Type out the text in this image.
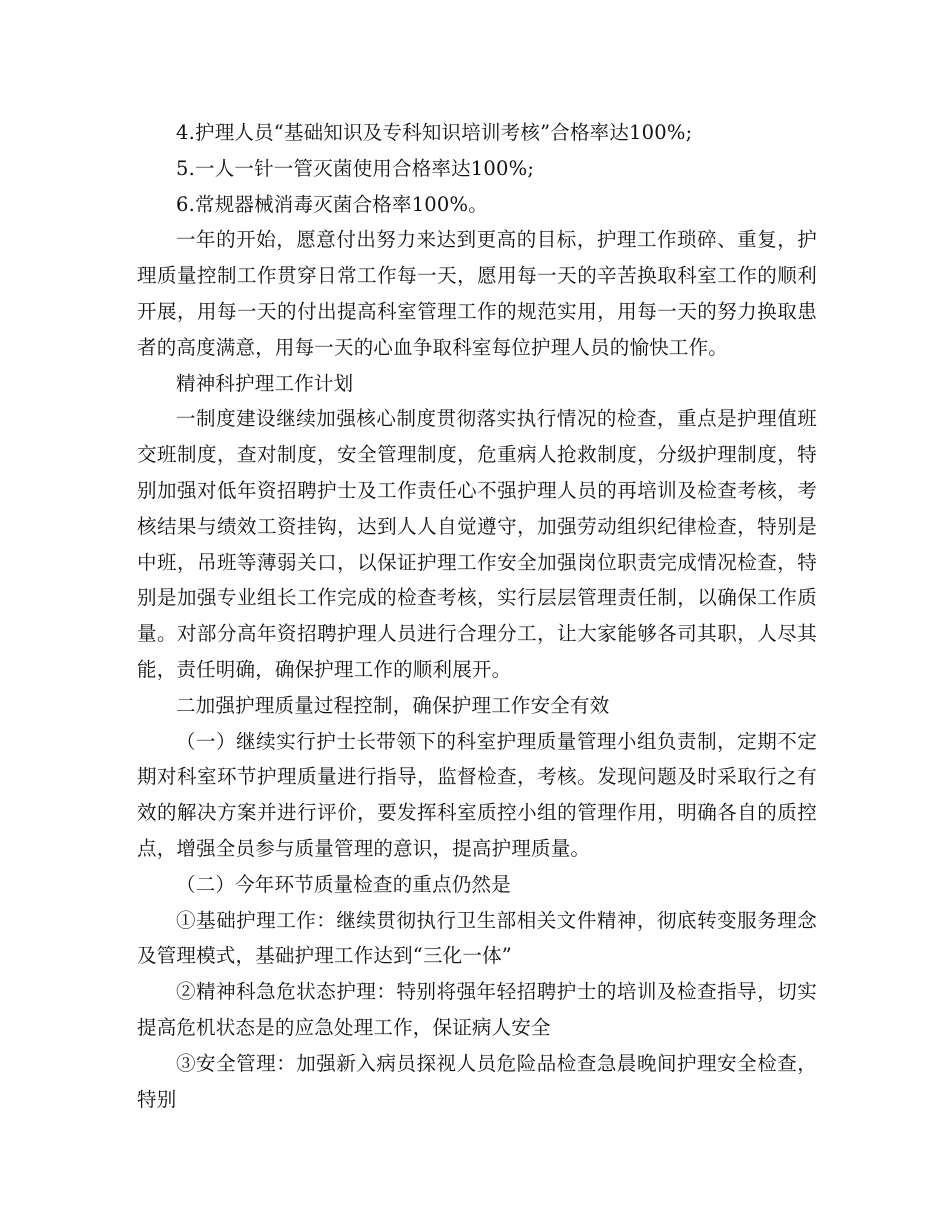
4.护理人员“基础知识及专科知识培训考核”合格率达100%;

5.一人一针一管灭菌使用合格率达100%;

6.常规器械消毒灭菌合格率100%。

一年的开始，愿意付出努力来达到更高的目标，护理工作琐碎、重复，护理质量控制工作贯穿日常工作每一天，愿用每一天的辛苦换取科室工作的顺利开展，用每一天的付出提高科室管理工作的规范实用，用每一天的努力换取患者的高度满意，用每一天的心血争取科室每位护理人员的愉快工作。

精神科护理工作计划

一制度建设继续加强核心制度贯彻落实执行情况的检查，重点是护理值班交班制度，查对制度，安全管理制度，危重病人抢救制度，分级护理制度，特别加强对低年资招聘护士及工作责任心不强护理人员的再培训及检查考核，考核结果与绩效工资挂钩，达到人人自觉遵守，加强劳动组织纪律检查，特别是中班，吊班等薄弱关口，以保证护理工作安全加强岗位职责完成情况检查，特别是加强专业组长工作完成的检查考核，实行层层管理责任制，以确保工作质量。对部分高年资招聘护理人员进行合理分工，让大家能够各司其职，人尽其能，责任明确，确保护理工作的顺利展开。

二加强护理质量过程控制，确保护理工作安全有效

（一）继续实行护士长带领下的科室护理质量管理小组负责制，定期不定期对科室环节护理质量进行指导，监督检查，考核。发现问题及时采取行之有效的解决方案并进行评价，要发挥科室质控小组的管理作用，明确各自的质控点，增强全员参与质量管理的意识，提高护理质量。

（二）今年环节质量检查的重点仍然是

①基础护理工作：继续贯彻执行卫生部相关文件精神，彻底转变服务理念及管理模式，基础护理工作达到“三化一体”

②精神科急危状态护理：特别将强年轻招聘护士的培训及检查指导，切实提高危机状态是的应急处理工作，保证病人安全

③安全管理：加强新入病员探视人员危险品检查急晨晚间护理安全检查，特别
